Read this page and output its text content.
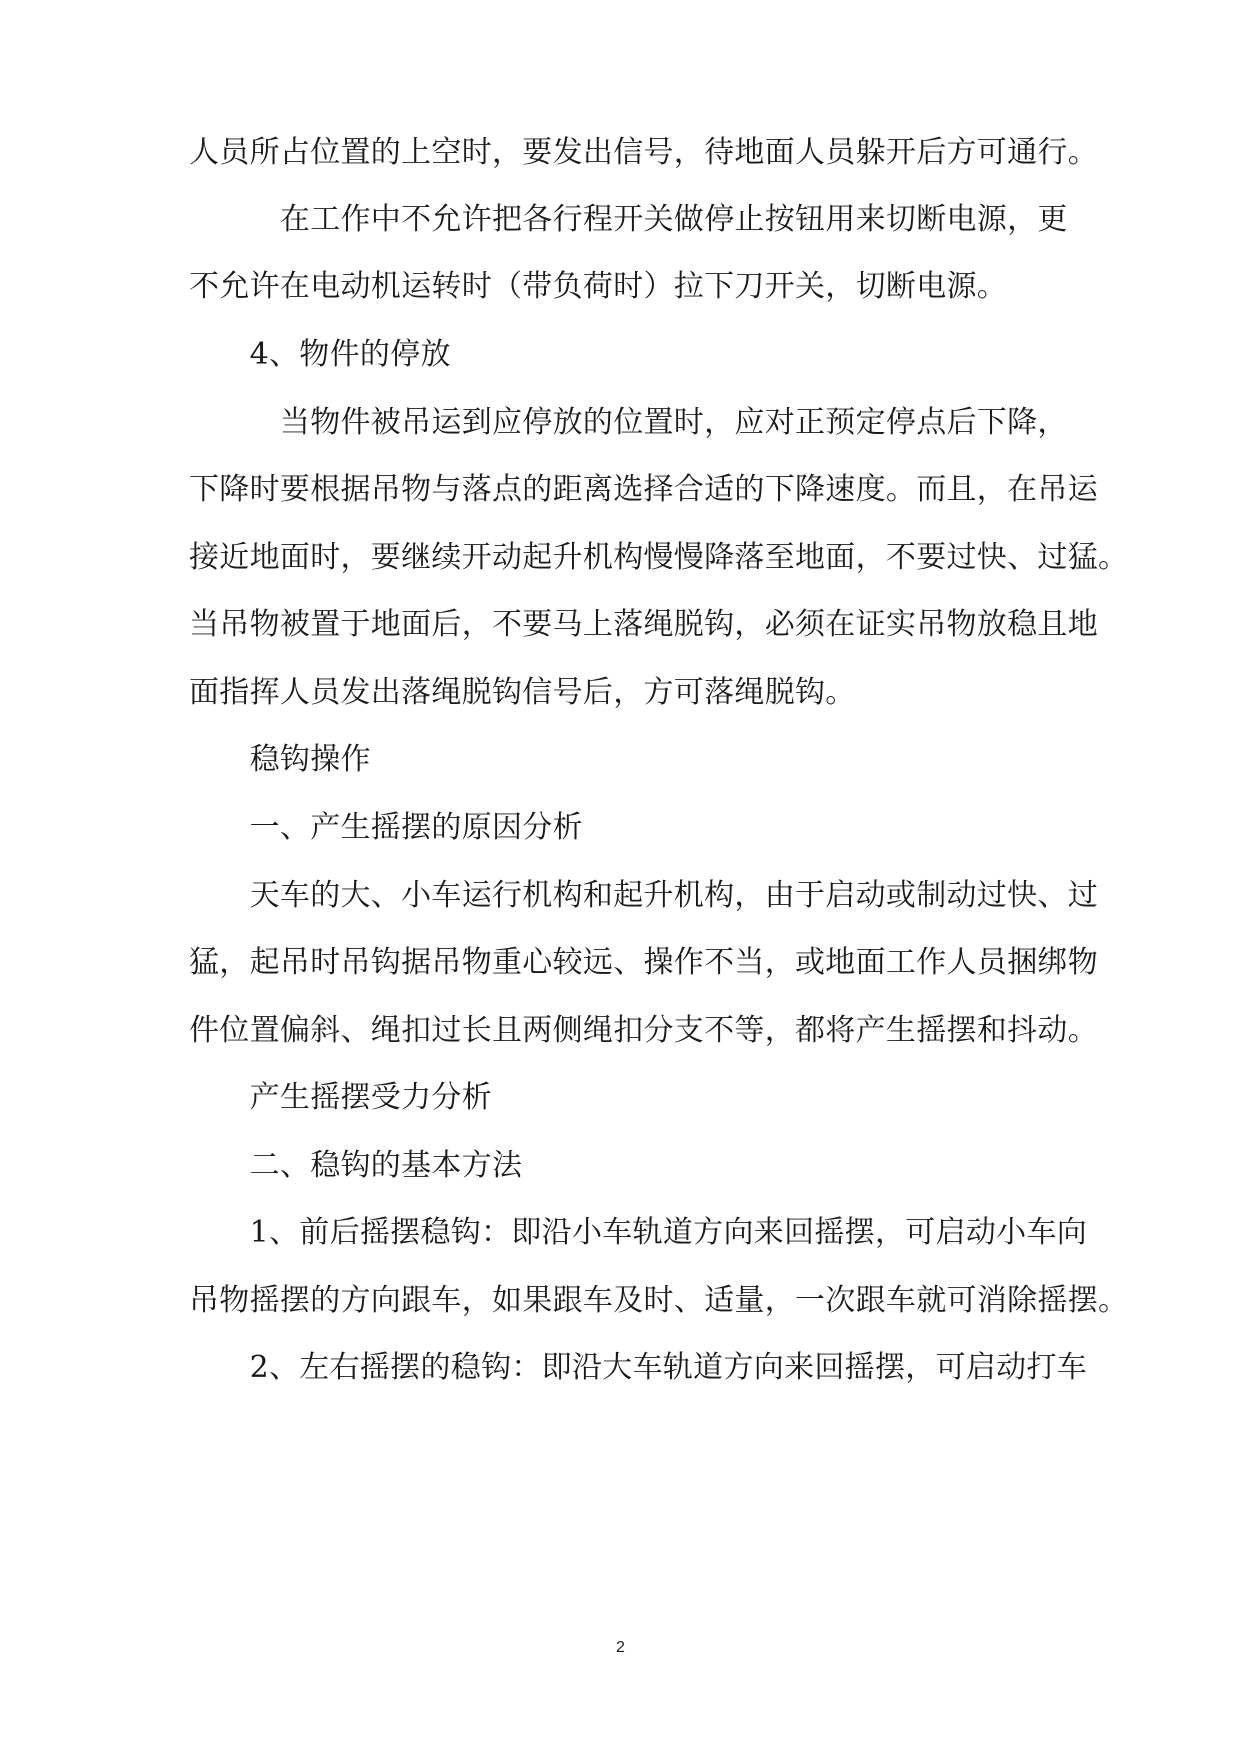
人员所占位置的上空时，要发出信号，待地面人员躲开后方可通行。
　　　在工作中不允许把各行程开关做停止按钮用来切断电源，更
不允许在电动机运转时（带负荷时）拉下刀开关，切断电源。
　　4、物件的停放
　　　当物件被吊运到应停放的位置时，应对正预定停点后下降，
下降时要根据吊物与落点的距离选择合适的下降速度。而且，在吊运
接近地面时，要继续开动起升机构慢慢降落至地面，不要过快、过猛。
当吊物被置于地面后，不要马上落绳脱钩，必须在证实吊物放稳且地
面指挥人员发出落绳脱钩信号后，方可落绳脱钩。
　　稳钩操作
　　一、产生摇摆的原因分析
　　天车的大、小车运行机构和起升机构，由于启动或制动过快、过
猛，起吊时吊钩据吊物重心较远、操作不当，或地面工作人员捆绑物
件位置偏斜、绳扣过长且两侧绳扣分支不等，都将产生摇摆和抖动。
　　产生摇摆受力分析
　　二、稳钩的基本方法
　　1、前后摇摆稳钩：即沿小车轨道方向来回摇摆，可启动小车向
吊物摇摆的方向跟车，如果跟车及时、适量，一次跟车就可消除摇摆。
　　2、左右摇摆的稳钩：即沿大车轨道方向来回摇摆，可启动打车
2
